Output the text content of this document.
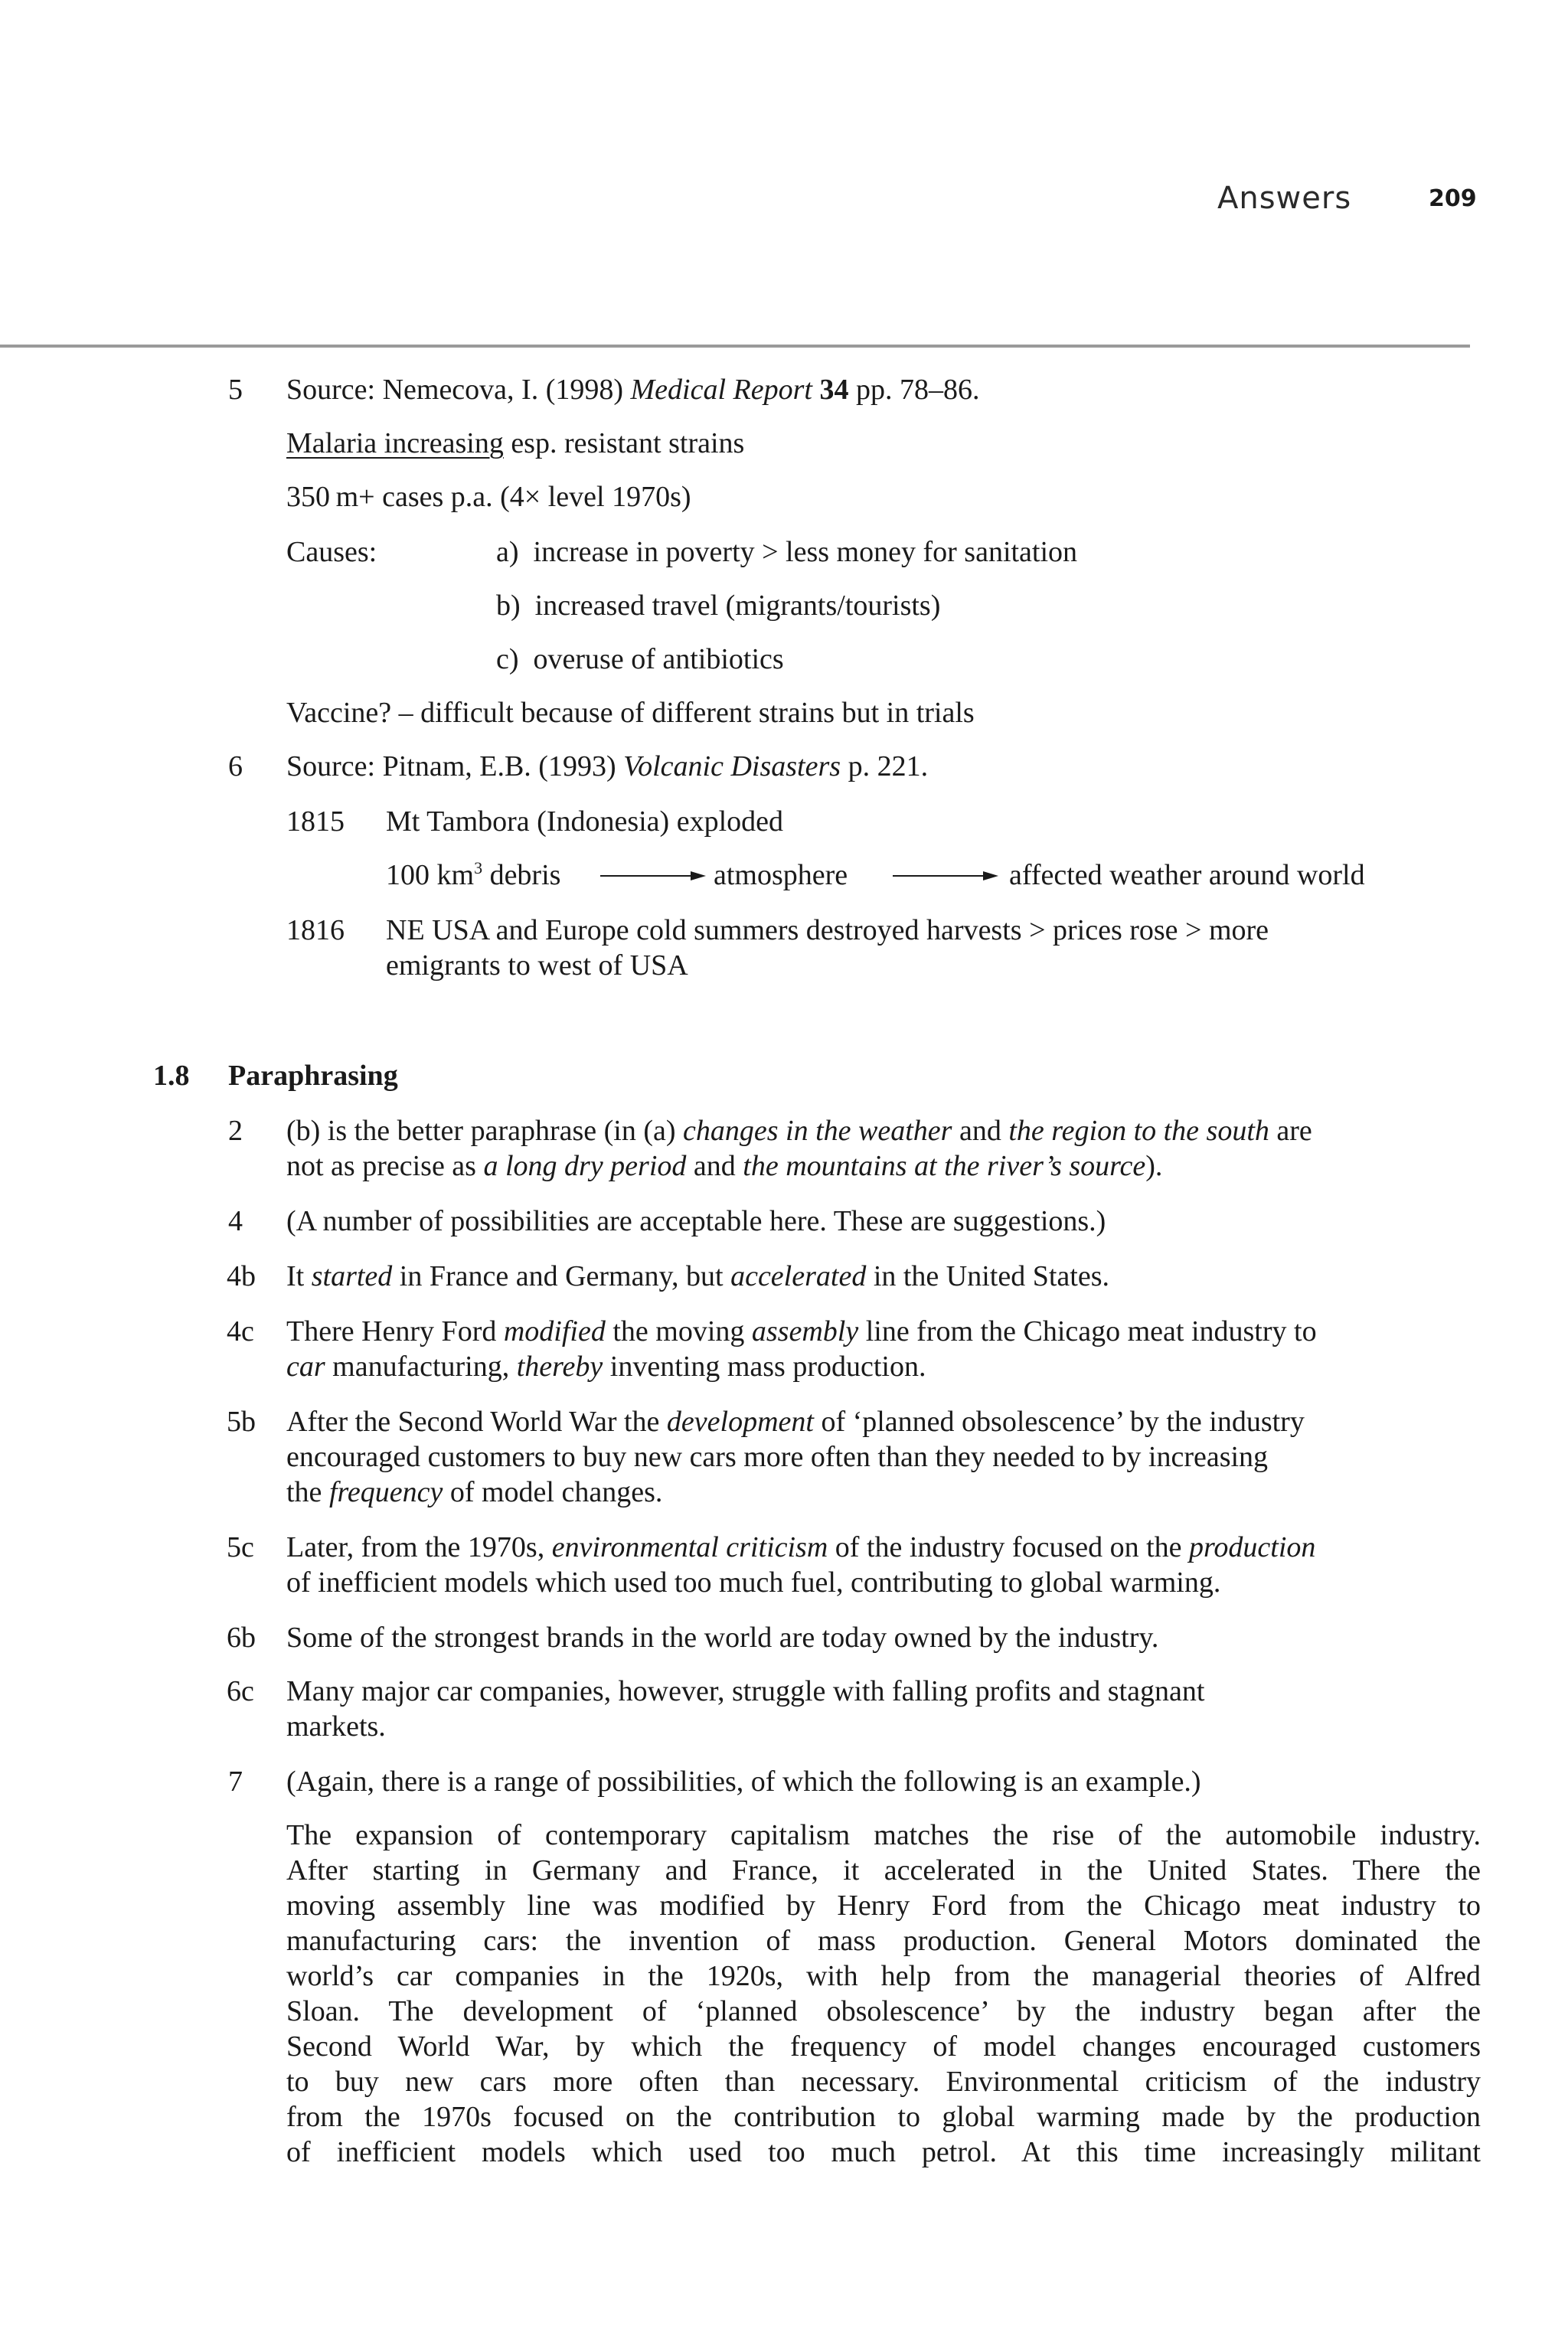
Answers	209
5 Source: Nemecova, I. (1998) Medical Report 34 pp. 78–86.
Malaria increasing esp. resistant strains
350 m+ cases p.a. (4× level 1970s)
Causes:	a) increase in poverty > less money for sanitation
b) increased travel (migrants/tourists)
c) overuse of antibiotics
Vaccine? – difficult because of different strains but in trials
6 Source: Pitnam, E.B. (1993) Volcanic Disasters p. 221.
1815 Mt Tambora (Indonesia) exploded
100 $km^3$ debris	atmosphere	affected weather around world
1816 NE USA and Europe cold summers destroyed harvests > prices rose > more
emigrants to west of USA
1.8 Paraphrasing
2 (b) is the better paraphrase (in (a) changes in the weather and the region to the south are
not as precise as a long dry period and the mountains at the river’s source).
4 (A number of possibilities are acceptable here. These are suggestions.)
4b It started in France and Germany, but accelerated in the United States.
4c There Henry Ford modified the moving assembly line from the Chicago meat industry to
car manufacturing, thereby inventing mass production.
5b After the Second World War the development of ‘planned obsolescence’ by the industry
encouraged customers to buy new cars more often than they needed to by increasing
the frequency of model changes.
5c Later, from the 1970s, environmental criticism of the industry focused on the production
of inefficient models which used too much fuel, contributing to global warming.
6b Some of the strongest brands in the world are today owned by the industry.
6c Many major car companies, however, struggle with falling profits and stagnant
markets.
7 (Again, there is a range of possibilities, of which the following is an example.)
The expansion of contemporary capitalism matches the rise of the automobile industry.
After starting in Germany and France, it accelerated in the United States. There the
moving assembly line was modified by Henry Ford from the Chicago meat industry to
manufacturing cars: the invention of mass production. General Motors dominated the
world’s car companies in the 1920s, with help from the managerial theories of Alfred
Sloan. The development of ‘planned obsolescence’ by the industry began after the
Second World War, by which the frequency of model changes encouraged customers
to buy new cars more often than necessary. Environmental criticism of the industry
from the 1970s focused on the contribution to global warming made by the production
of inefficient models which used too much petrol. At this time increasingly militant
